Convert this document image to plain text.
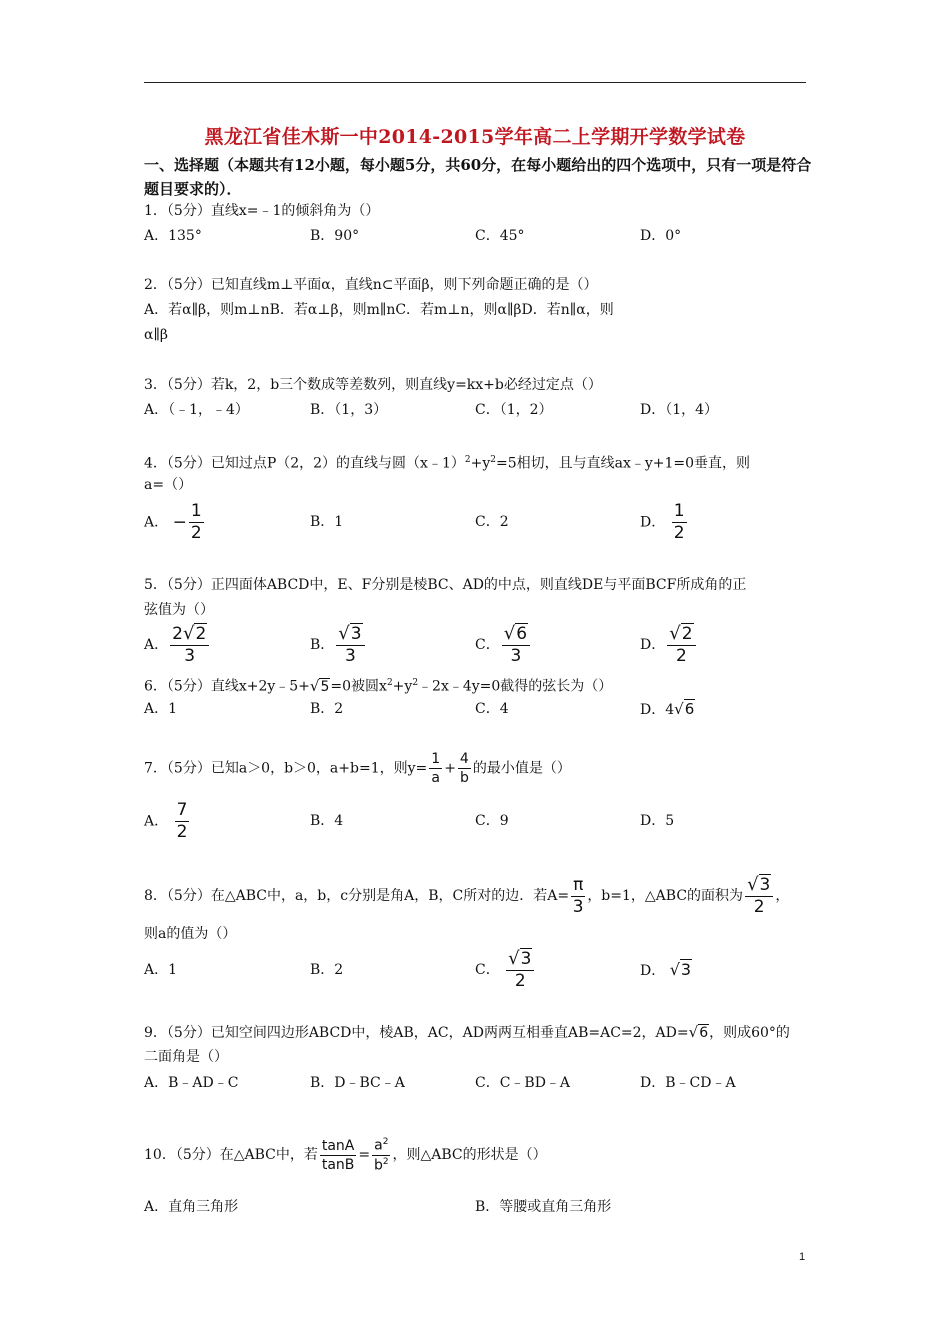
黑龙江省佳木斯一中2014-2015学年高二上学期开学数学试卷
一、选择题（本题共有12小题，每小题5分，共60分，在每小题给出的四个选项中，只有一项是符合题目要求的）．
1．（5分）直线x=﹣1的倾斜角为（）
A．135°	B．90°	C．45°	D．0°
2．（5分）已知直线m⊥平面α，直线n⊂平面β，则下列命题正确的是（）
A．若α∥β，则m⊥nB．若α⊥β，则m∥nC．若m⊥n，则α∥βD．若n∥α，则
α∥β
3．（5分）若k，2，b三个数成等差数列，则直线y=kx+b必经过定点（）
A．（﹣1，﹣4）	B．（1，3）	C．（1，2）	D．（1，4）
4．（5分）已知过点P（2，2）的直线与圆$(x﹣1)^2+y^2=5$相切，且与直线ax﹣y+1=0垂直，则
a=（）
A． − $\frac{1}{2}$	B．1	C．2	D． $\frac{1}{2}$
5．（5分）正四面体ABCD中，E、F分别是棱BC、AD的中点，则直线DE与平面BCF所成角的正
弦值为（）
A． $\frac{2√2}{3}$	B． $\frac{√3}{3}$	C． $\frac{√6}{3}$	D． $\frac{√2}{2}$
6．（5分）直线x+2y﹣5+√5=0被圆$x^2+y^2﹣2x﹣4y=0$截得的弦长为（）
A．1	B．2	C．4	D．4√6
7．（5分）已知a＞0，b＞0，a+b=1，则$y= \frac{1}{a} + \frac{4}{b}$ 的最小值是（）
A． $\frac{7}{2}$	B．4	C．9	D．5
8．（5分）在△ABC中，a，b，c分别是角A，B，C所对的边．若$A= \frac{\pi}{3}$ ，b=1，△ABC的面积为 $\frac{√3}{2}$ ，
则a的值为（）
A．1	B．2	C． $\frac{√3}{2}$	D． √3
9．（5分）已知空间四边形ABCD中，棱AB，AC，AD两两互相垂直AB=AC=2，AD=√6，则成60°的
二面角是（）
A．B﹣AD﹣C	B．D﹣BC﹣A	C．C﹣BD﹣A	D．B﹣CD﹣A
10．（5分）在△ABC中，若 $\frac{\tan A}{\tan B} = \frac{a^2}{b^2}$ ，则△ABC的形状是（）
A．直角三角形	B．等腰或直角三角形
1
